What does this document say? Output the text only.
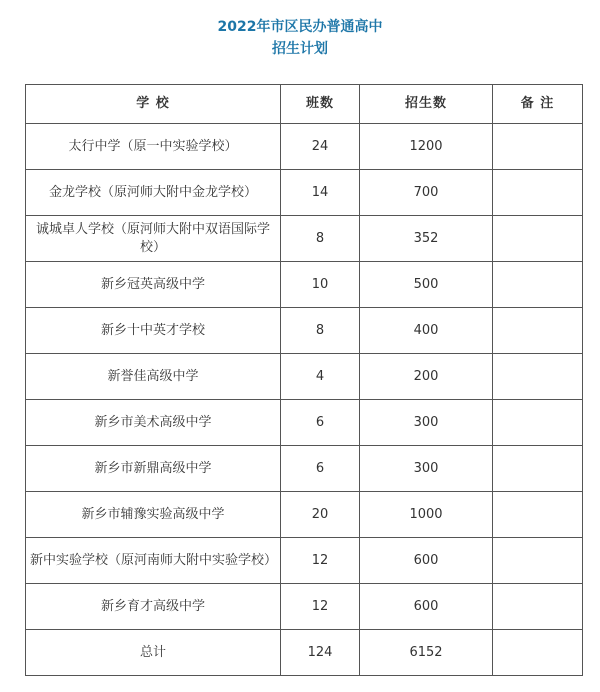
2022年市区民办普通高中
招生计划
学 校	班数	招生数	备 注
太行中学（原一中实验学校）	24	1200	
金龙学校（原河师大附中金龙学校）	14	700	
诚城卓人学校（原河师大附中双语国际学校）	8	352	
新乡冠英高级中学	10	500	
新乡十中英才学校	8	400	
新誉佳高级中学	4	200	
新乡市美术高级中学	6	300	
新乡市新鼎高级中学	6	300	
新乡市辅豫实验高级中学	20	1000	
新中实验学校（原河南师大附中实验学校）	12	600	
新乡育才高级中学	12	600	
总计	124	6152	
